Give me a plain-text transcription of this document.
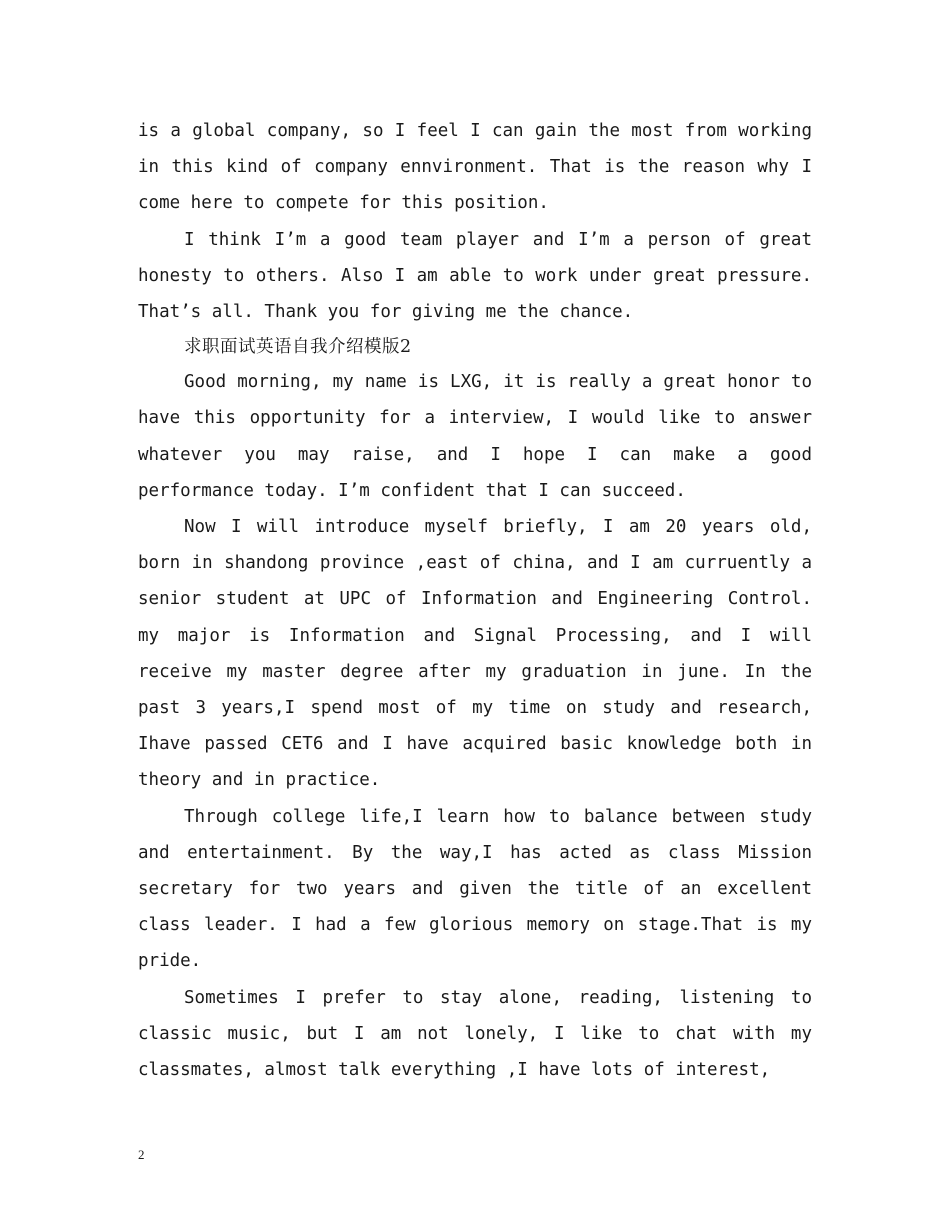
is a global company, so I feel I can gain the most from working in this kind of company ennvironment. That is the reason why I come here to compete for this position.

I think I’m a good team player and I’m a person of great honesty to others. Also I am able to work under great pressure. That’s all. Thank you for giving me the chance.

求职面试英语自我介绍模版2

Good morning, my name is LXG, it is really a great honor to have this opportunity for a interview, I would like to answer whatever you may raise, and I hope I can make a good performance today. I’m confident that I can succeed.

Now I will introduce myself briefly, I am 20 years old, born in shandong province ,east of china, and I am curruently a senior student at UPC of Information and Engineering Control. my major is Information and Signal Processing, and I will receive my master degree after my graduation in june. In the past 3 years,I spend most of my time on study and research, Ihave passed CET6 and I have acquired basic knowledge both in theory and in practice.

Through college life,I learn how to balance between study and entertainment. By the way,I has acted as class Mission secretary for two years and given the title of an excellent class leader. I had a few glorious memory on stage.That is my pride.

Sometimes I prefer to stay alone, reading, listening to classic music, but I am not lonely, I like to chat with my classmates, almost talk everything ,I have lots of interest,

2
